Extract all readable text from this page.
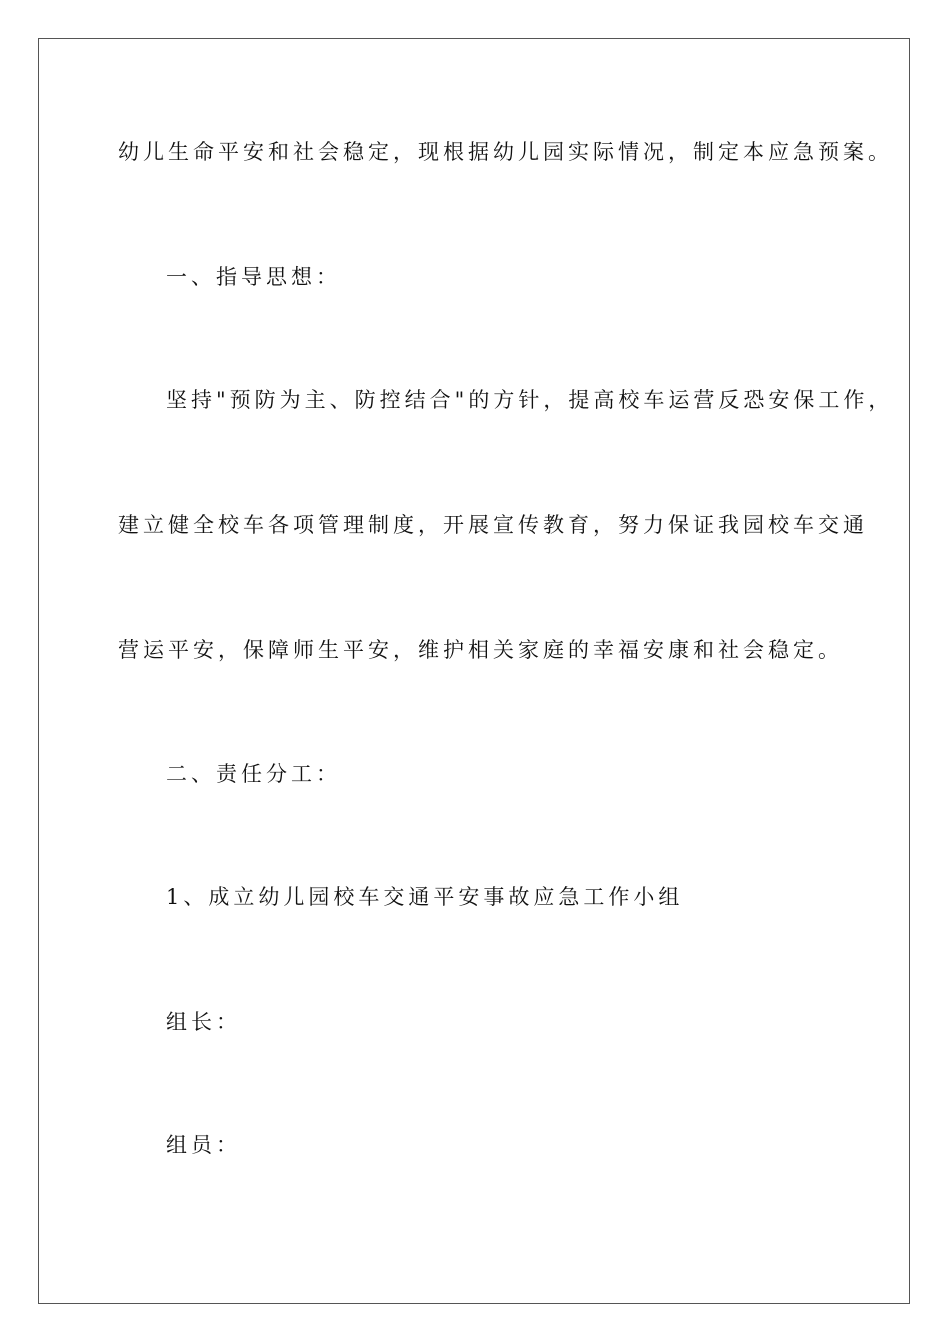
幼儿生命平安和社会稳定，现根据幼儿园实际情况，制定本应急预案。
一、指导思想：
坚持"预防为主、防控结合"的方针，提高校车运营反恐安保工作，
建立健全校车各项管理制度，开展宣传教育，努力保证我园校车交通
营运平安，保障师生平安，维护相关家庭的幸福安康和社会稳定。
二、责任分工：
1、成立幼儿园校车交通平安事故应急工作小组
组长：
组员：
